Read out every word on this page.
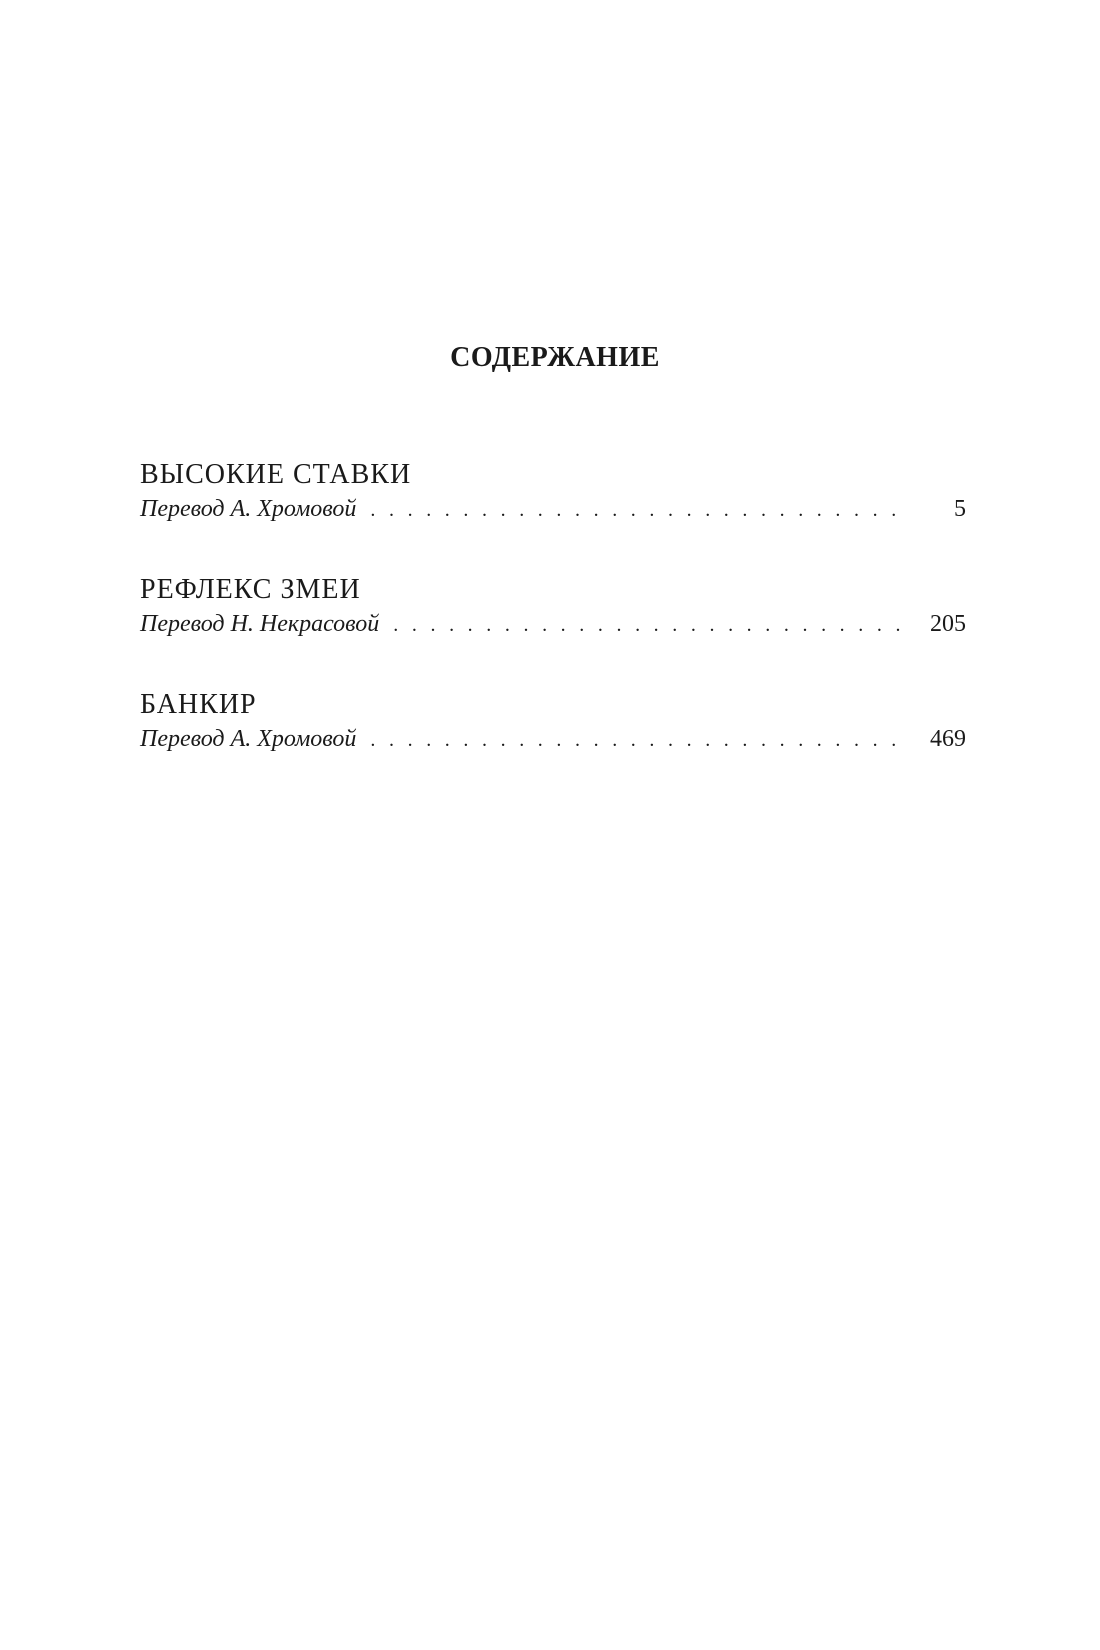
СОДЕРЖАНИЕ
ВЫСОКИЕ СТАВКИ
Перевод А. Хромовой . . .	5
РЕФЛЕКС ЗМЕИ
Перевод Н. Некрасовой . . .	205
БАНКИР
Перевод А. Хромовой . . .	469
